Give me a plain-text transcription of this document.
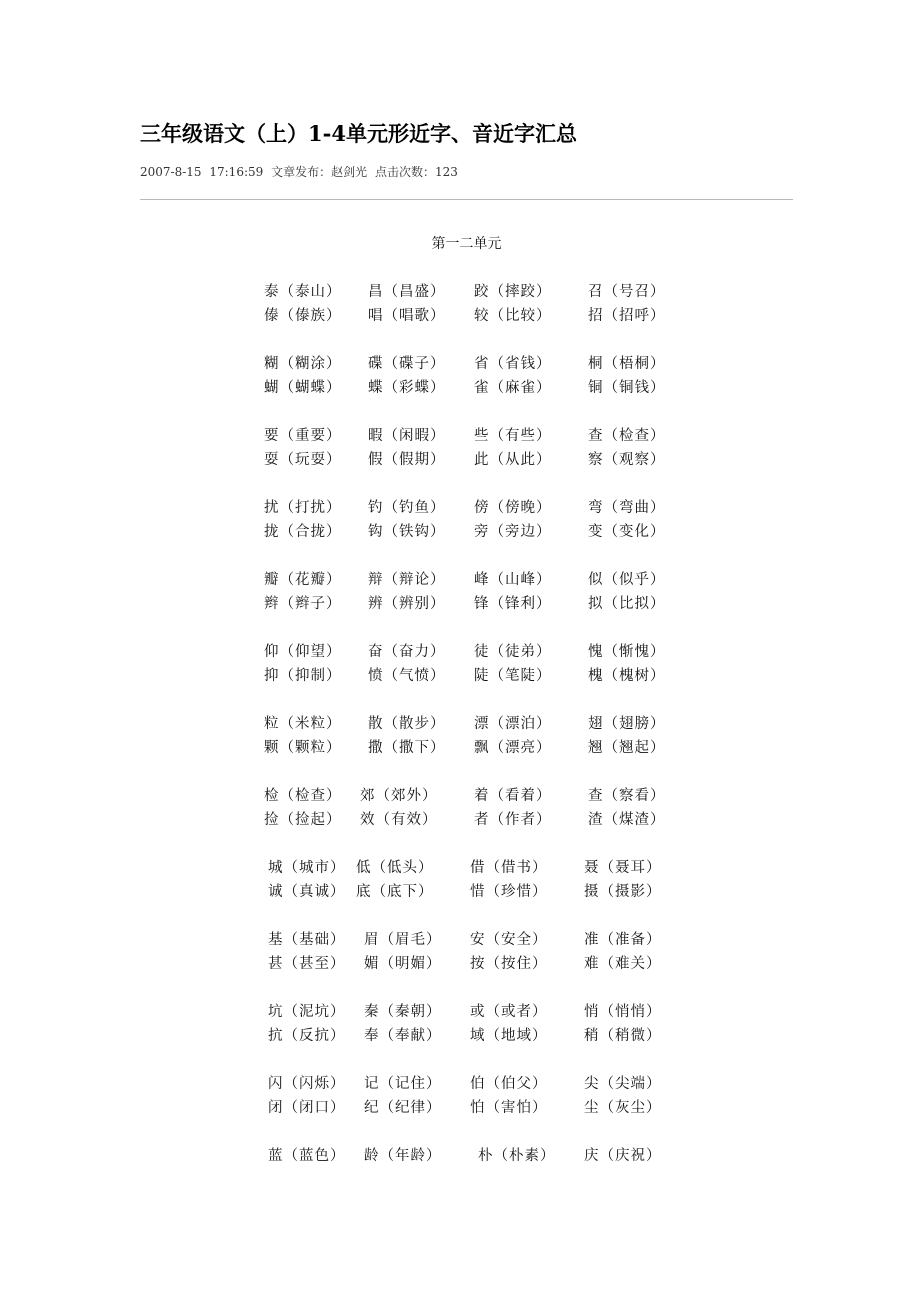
三年级语文（上）1-4单元形近字、音近字汇总
2007-8-15 17:16:59 文章发布：赵剑光 点击次数：123
第一二单元
泰（泰山） 昌（昌盛） 跤（摔跤）	召（号召）
傣（傣族） 唱（唱歌） 较（比较）	招（招呼）
糊（糊涂） 碟（碟子） 省（省钱）	桐（梧桐）
蝴（蝴蝶） 蝶（彩蝶） 雀（麻雀）	铜（铜钱）
要（重要） 暇（闲暇） 些（有些）	查（检查）
耍（玩耍） 假（假期） 此（从此）	察（观察）
扰（打扰） 钓（钓鱼） 傍（傍晚）	弯（弯曲）
拢（合拢） 钩（铁钩） 旁（旁边）	变（变化）
瓣（花瓣） 辩（辩论） 峰（山峰）	似（似乎）
辫（辫子） 辨（辨别） 锋（锋利）	拟（比拟）
仰（仰望） 奋（奋力） 徒（徒弟）	愧（惭愧）
抑（抑制） 愤（气愤） 陡（笔陡）	槐（槐树）
粒（米粒） 散（散步） 漂（漂泊）	翅（翅膀）
颗（颗粒） 撒（撒下） 飘（漂亮）	翘（翘起）
检（检查） 郊（郊外）	着（看着）	查（察看）
捡（捡起） 效（有效）	者（作者）	渣（煤渣）
城（城市） 低（低头）	借（借书）	聂（聂耳）
诚（真诚） 底（底下）	惜（珍惜）	摄（摄影）
基（基础） 眉（眉毛） 安（安全）	准（准备）
甚（甚至） 媚（明媚） 按（按住）	难（难关）
坑（泥坑） 秦（秦朝） 或（或者）	悄（悄悄）
抗（反抗） 奉（奉献） 域（地域）	稍（稍微）
闪（闪烁） 记（记住） 伯（伯父）	尖（尖端）
闭（闭口） 纪（纪律） 怕（害怕）	尘（灰尘）
蓝（蓝色） 龄（年龄）	朴（朴素） 庆（庆祝）
